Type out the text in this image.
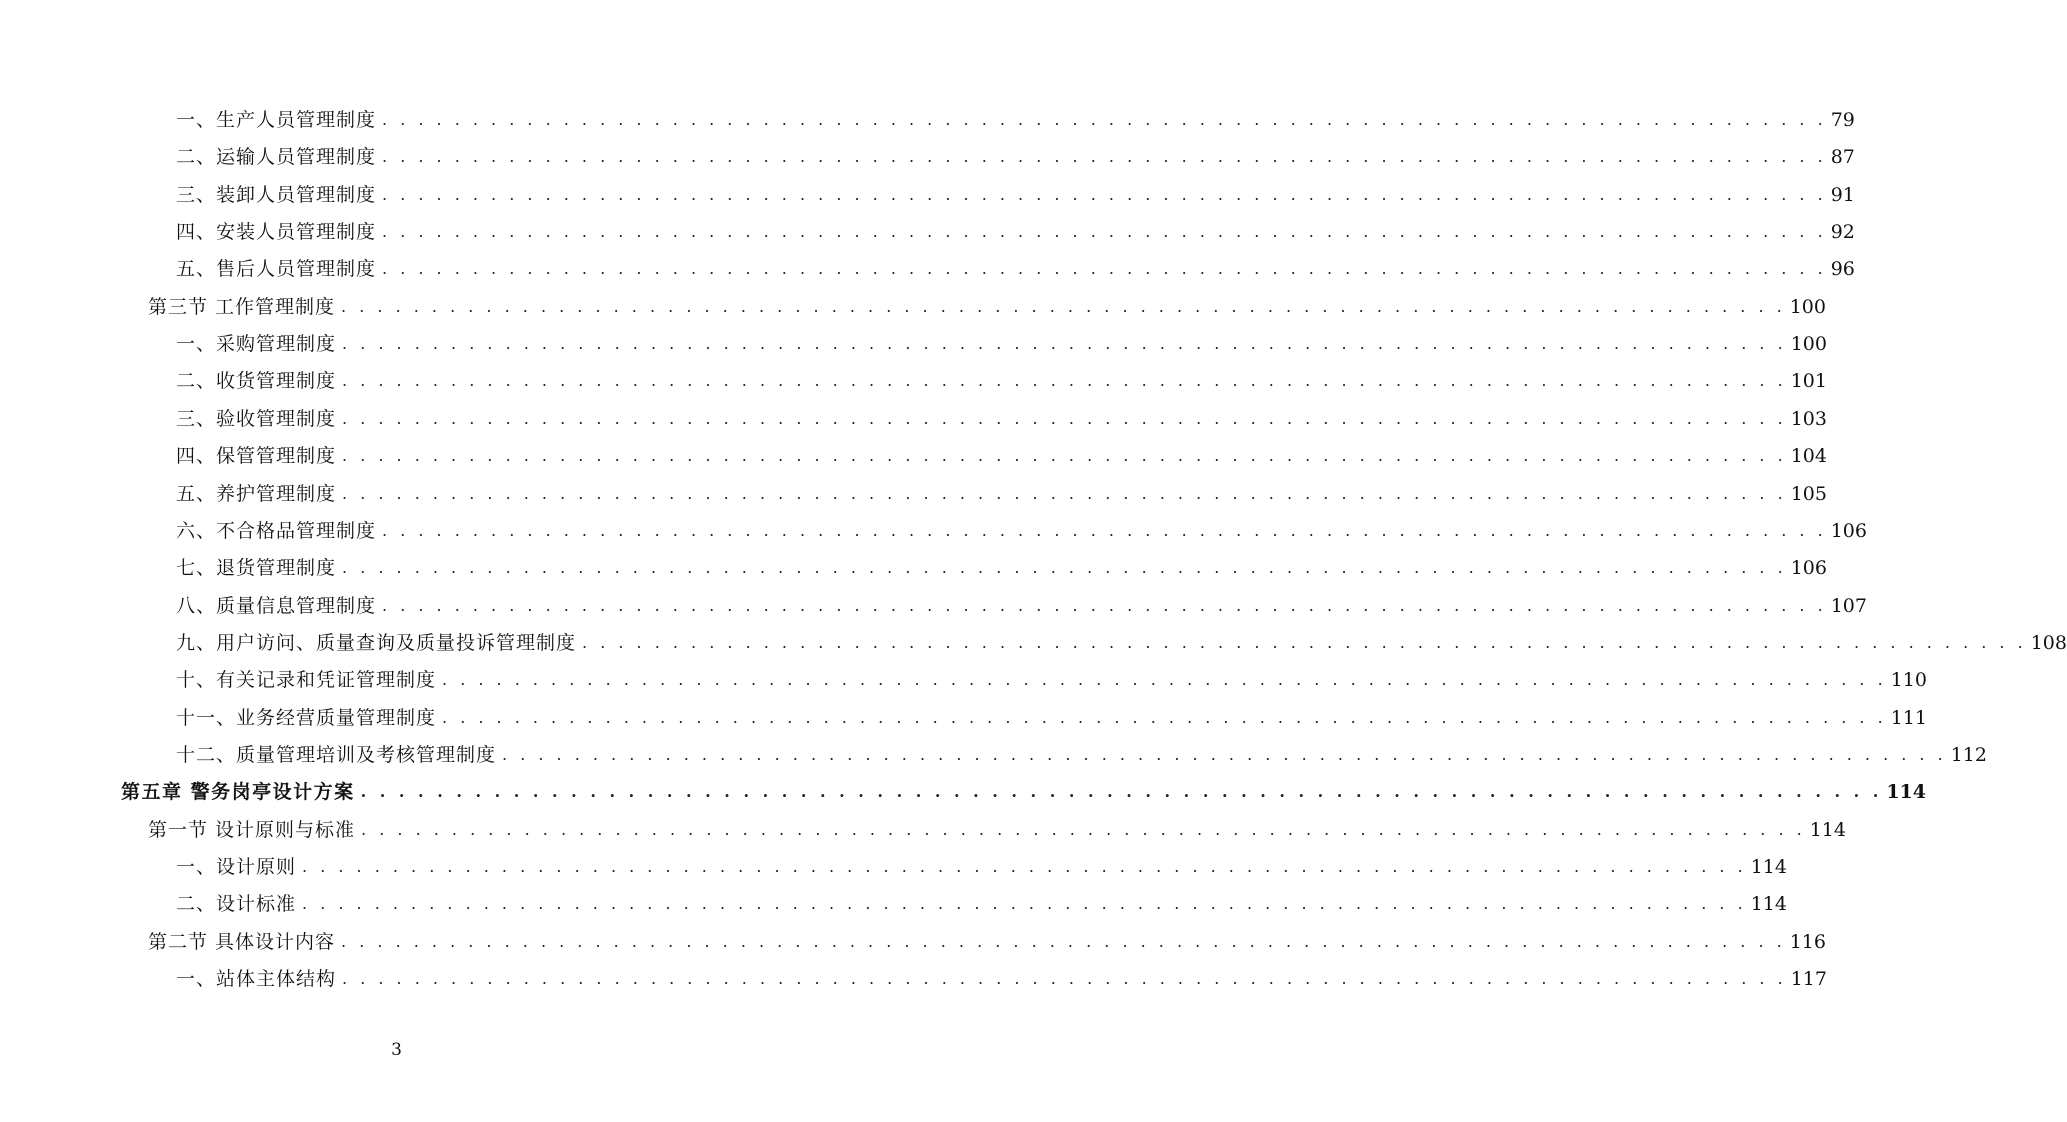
一、生产人员管理制度 . . . . . . . . . . . . . . . . . . . . . . . . . . . . . . . . . . . . . . . . . . . . . . . . . . . . . . . . . . . . . . . . . . . . . . . . . . . . . . . . 79
二、运输人员管理制度 . . . . . . . . . . . . . . . . . . . . . . . . . . . . . . . . . . . . . . . . . . . . . . . . . . . . . . . . . . . . . . . . . . . . . . . . . . . . . . . . 87
三、装卸人员管理制度 . . . . . . . . . . . . . . . . . . . . . . . . . . . . . . . . . . . . . . . . . . . . . . . . . . . . . . . . . . . . . . . . . . . . . . . . . . . . . . . . 91
四、安装人员管理制度 . . . . . . . . . . . . . . . . . . . . . . . . . . . . . . . . . . . . . . . . . . . . . . . . . . . . . . . . . . . . . . . . . . . . . . . . . . . . . . . . 92
五、售后人员管理制度 . . . . . . . . . . . . . . . . . . . . . . . . . . . . . . . . . . . . . . . . . . . . . . . . . . . . . . . . . . . . . . . . . . . . . . . . . . . . . . . . 96
第三节 工作管理制度 . . . . . . . . . . . . . . . . . . . . . . . . . . . . . . . . . . . . . . . . . . . . . . . . . . . . . . . . . . . . . . . . . . . . . . . . . . . . . . . . 100
一、采购管理制度 . . . . . . . . . . . . . . . . . . . . . . . . . . . . . . . . . . . . . . . . . . . . . . . . . . . . . . . . . . . . . . . . . . . . . . . . . . . . . . . . 100
二、收货管理制度 . . . . . . . . . . . . . . . . . . . . . . . . . . . . . . . . . . . . . . . . . . . . . . . . . . . . . . . . . . . . . . . . . . . . . . . . . . . . . . . . 101
三、验收管理制度 . . . . . . . . . . . . . . . . . . . . . . . . . . . . . . . . . . . . . . . . . . . . . . . . . . . . . . . . . . . . . . . . . . . . . . . . . . . . . . . . 103
四、保管管理制度 . . . . . . . . . . . . . . . . . . . . . . . . . . . . . . . . . . . . . . . . . . . . . . . . . . . . . . . . . . . . . . . . . . . . . . . . . . . . . . . . 104
五、养护管理制度 . . . . . . . . . . . . . . . . . . . . . . . . . . . . . . . . . . . . . . . . . . . . . . . . . . . . . . . . . . . . . . . . . . . . . . . . . . . . . . . . 105
六、不合格品管理制度 . . . . . . . . . . . . . . . . . . . . . . . . . . . . . . . . . . . . . . . . . . . . . . . . . . . . . . . . . . . . . . . . . . . . . . . . . . . . . . . . 106
七、退货管理制度 . . . . . . . . . . . . . . . . . . . . . . . . . . . . . . . . . . . . . . . . . . . . . . . . . . . . . . . . . . . . . . . . . . . . . . . . . . . . . . . . 106
八、质量信息管理制度 . . . . . . . . . . . . . . . . . . . . . . . . . . . . . . . . . . . . . . . . . . . . . . . . . . . . . . . . . . . . . . . . . . . . . . . . . . . . . . . . 107
九、用户访问、质量查询及质量投诉管理制度 . . . . . . . . . . . . . . . . . . . . . . . . . . . . . . . . . . . . . . . . . . . . . . . . . . . . . . . . . . . . . . . . . . . . . . . . . . . . . . . . 108
十、有关记录和凭证管理制度 . . . . . . . . . . . . . . . . . . . . . . . . . . . . . . . . . . . . . . . . . . . . . . . . . . . . . . . . . . . . . . . . . . . . . . . . . . . . . . . . 110
十一、业务经营质量管理制度 . . . . . . . . . . . . . . . . . . . . . . . . . . . . . . . . . . . . . . . . . . . . . . . . . . . . . . . . . . . . . . . . . . . . . . . . . . . . . . . . 111
十二、质量管理培训及考核管理制度 . . . . . . . . . . . . . . . . . . . . . . . . . . . . . . . . . . . . . . . . . . . . . . . . . . . . . . . . . . . . . . . . . . . . . . . . . . . . . . . . 112
第五章 警务岗亭设计方案 . . . . . . . . . . . . . . . . . . . . . . . . . . . . . . . . . . . . . . . . . . . . . . . . . . . . . . . . . . . . . . . . . . . . . . . . . . . . . . . . 114
第一节 设计原则与标准 . . . . . . . . . . . . . . . . . . . . . . . . . . . . . . . . . . . . . . . . . . . . . . . . . . . . . . . . . . . . . . . . . . . . . . . . . . . . . . . . 114
一、设计原则 . . . . . . . . . . . . . . . . . . . . . . . . . . . . . . . . . . . . . . . . . . . . . . . . . . . . . . . . . . . . . . . . . . . . . . . . . . . . . . . . 114
二、设计标准 . . . . . . . . . . . . . . . . . . . . . . . . . . . . . . . . . . . . . . . . . . . . . . . . . . . . . . . . . . . . . . . . . . . . . . . . . . . . . . . . 114
第二节 具体设计内容 . . . . . . . . . . . . . . . . . . . . . . . . . . . . . . . . . . . . . . . . . . . . . . . . . . . . . . . . . . . . . . . . . . . . . . . . . . . . . . . . 116
一、站体主体结构 . . . . . . . . . . . . . . . . . . . . . . . . . . . . . . . . . . . . . . . . . . . . . . . . . . . . . . . . . . . . . . . . . . . . . . . . . . . . . . . . 117
3
